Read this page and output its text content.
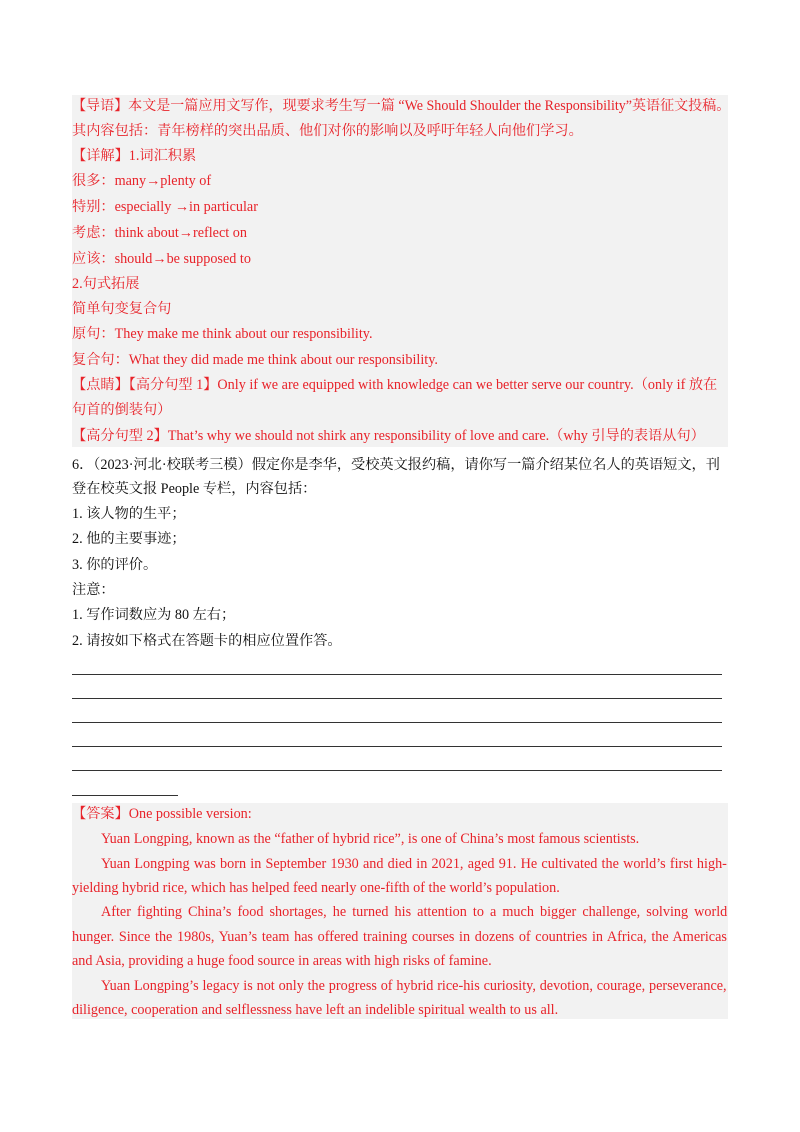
【导语】本文是一篇应用文写作，现要求考生写一篇 “We Should Shoulder the Responsibility”英语征文投稿。
其内容包括：青年榜样的突出品质、他们对你的影响以及呼吁年轻人向他们学习。
【详解】1.词汇积累
很多：many→plenty of
特别：especially →in particular
考虑：think about→reflect on
应该：should→be supposed to
2.句式拓展
简单句变复合句
原句：They make me think about our responsibility.
复合句：What they did made me think about our responsibility.
【点睛】【高分句型 1】Only if we are equipped with knowledge can we better serve our country.（only if 放在
句首的倒装句）
【高分句型 2】That’s why we should not shirk any responsibility of love and care.（why 引导的表语从句）
6．（2023·河北·校联考三模）假定你是李华，受校英文报约稿，请你写一篇介绍某位名人的英语短文，刊
登在校英文报 People 专栏，内容包括：
1. 该人物的生平；
2. 他的主要事迹；
3. 你的评价。
注意：
1. 写作词数应为 80 左右；
2. 请按如下格式在答题卡的相应位置作答。
【答案】One possible version:
Yuan Longping, known as the “father of hybrid rice”, is one of China’s most famous scientists.
Yuan Longping was born in September 1930 and died in 2021, aged 91. He cultivated the world’s first high-
yielding hybrid rice, which has helped feed nearly one-fifth of the world’s population.
After fighting China’s food shortages, he turned his attention to a much bigger challenge, solving world
hunger. Since the 1980s, Yuan’s team has offered training courses in dozens of countries in Africa, the Americas
and Asia, providing a huge food source in areas with high risks of famine.
Yuan Longping’s legacy is not only the progress of hybrid rice-his curiosity, devotion, courage, perseverance,
diligence, cooperation and selflessness have left an indelible spiritual wealth to us all.
